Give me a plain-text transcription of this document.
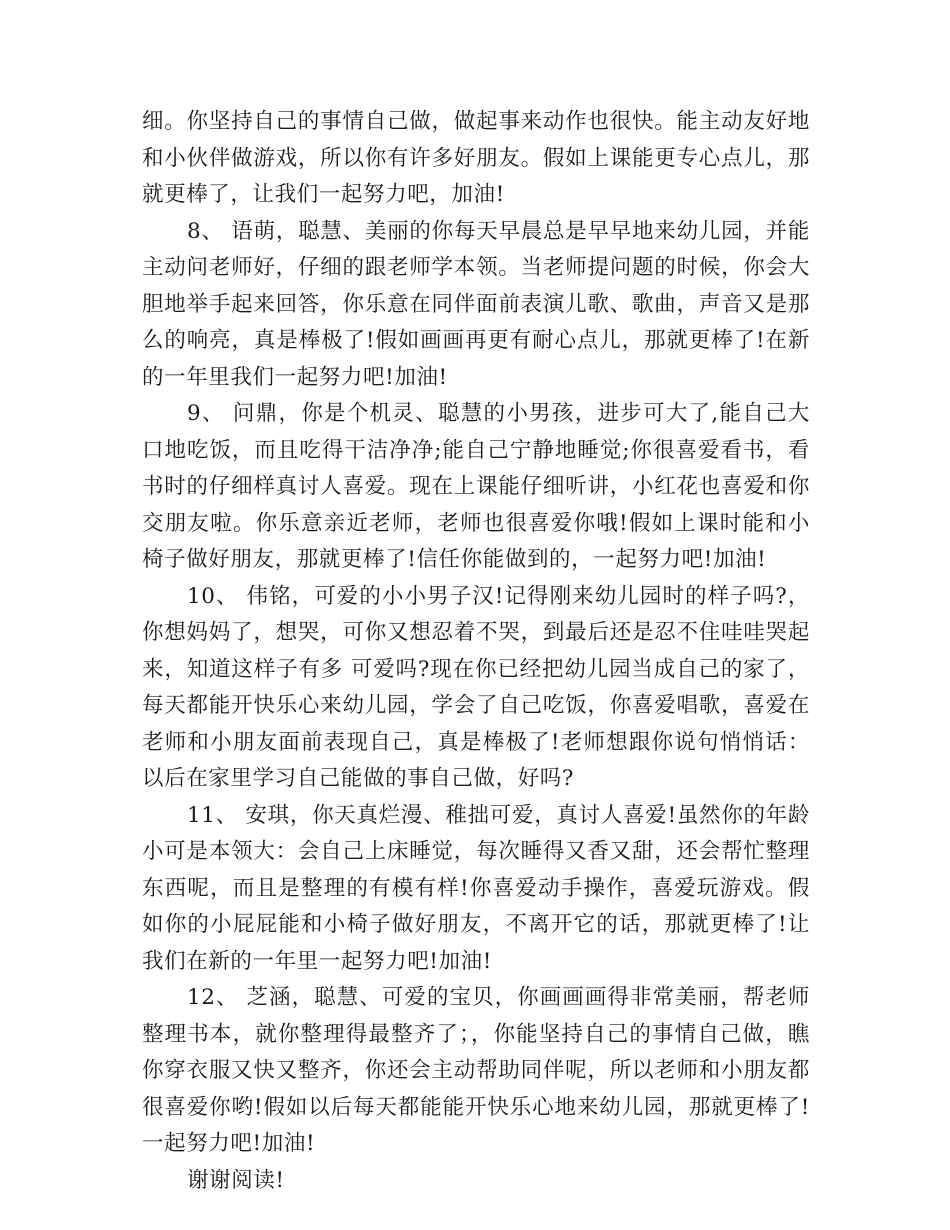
细。你坚持自己的事情自己做，做起事来动作也很快。能主动友好地和小伙伴做游戏，所以你有许多好朋友。假如上课能更专心点儿，那就更棒了，让我们一起努力吧，加油!

8、 语萌，聪慧、美丽的你每天早晨总是早早地来幼儿园，并能主动问老师好，仔细的跟老师学本领。当老师提问题的时候，你会大胆地举手起来回答，你乐意在同伴面前表演儿歌、歌曲，声音又是那么的响亮，真是棒极了!假如画画再更有耐心点儿，那就更棒了!在新的一年里我们一起努力吧!加油!

9、 问鼎，你是个机灵、聪慧的小男孩，进步可大了,能自己大口地吃饭，而且吃得干洁净净;能自己宁静地睡觉;你很喜爱看书，看书时的仔细样真讨人喜爱。现在上课能仔细听讲，小红花也喜爱和你交朋友啦。你乐意亲近老师，老师也很喜爱你哦!假如上课时能和小椅子做好朋友，那就更棒了!信任你能做到的，一起努力吧!加油!

10、 伟铭，可爱的小小男子汉!记得刚来幼儿园时的样子吗?，你想妈妈了，想哭，可你又想忍着不哭，到最后还是忍不住哇哇哭起来，知道这样子有多 可爱吗?现在你已经把幼儿园当成自己的家了，每天都能开快乐心来幼儿园，学会了自己吃饭，你喜爱唱歌，喜爱在老师和小朋友面前表现自己，真是棒极了!老师想跟你说句悄悄话：以后在家里学习自己能做的事自己做，好吗?

11、 安琪，你天真烂漫、稚拙可爱，真讨人喜爱!虽然你的年龄小可是本领大：会自己上床睡觉，每次睡得又香又甜，还会帮忙整理东西呢，而且是整理的有模有样!你喜爱动手操作，喜爱玩游戏。假如你的小屁屁能和小椅子做好朋友，不离开它的话，那就更棒了!让我们在新的一年里一起努力吧!加油!

12、 芝涵，聪慧、可爱的宝贝，你画画画得非常美丽，帮老师整理书本，就你整理得最整齐了；，你能坚持自己的事情自己做，瞧你穿衣服又快又整齐，你还会主动帮助同伴呢，所以老师和小朋友都很喜爱你哟!假如以后每天都能能开快乐心地来幼儿园，那就更棒了!一起努力吧!加油!

谢谢阅读!
